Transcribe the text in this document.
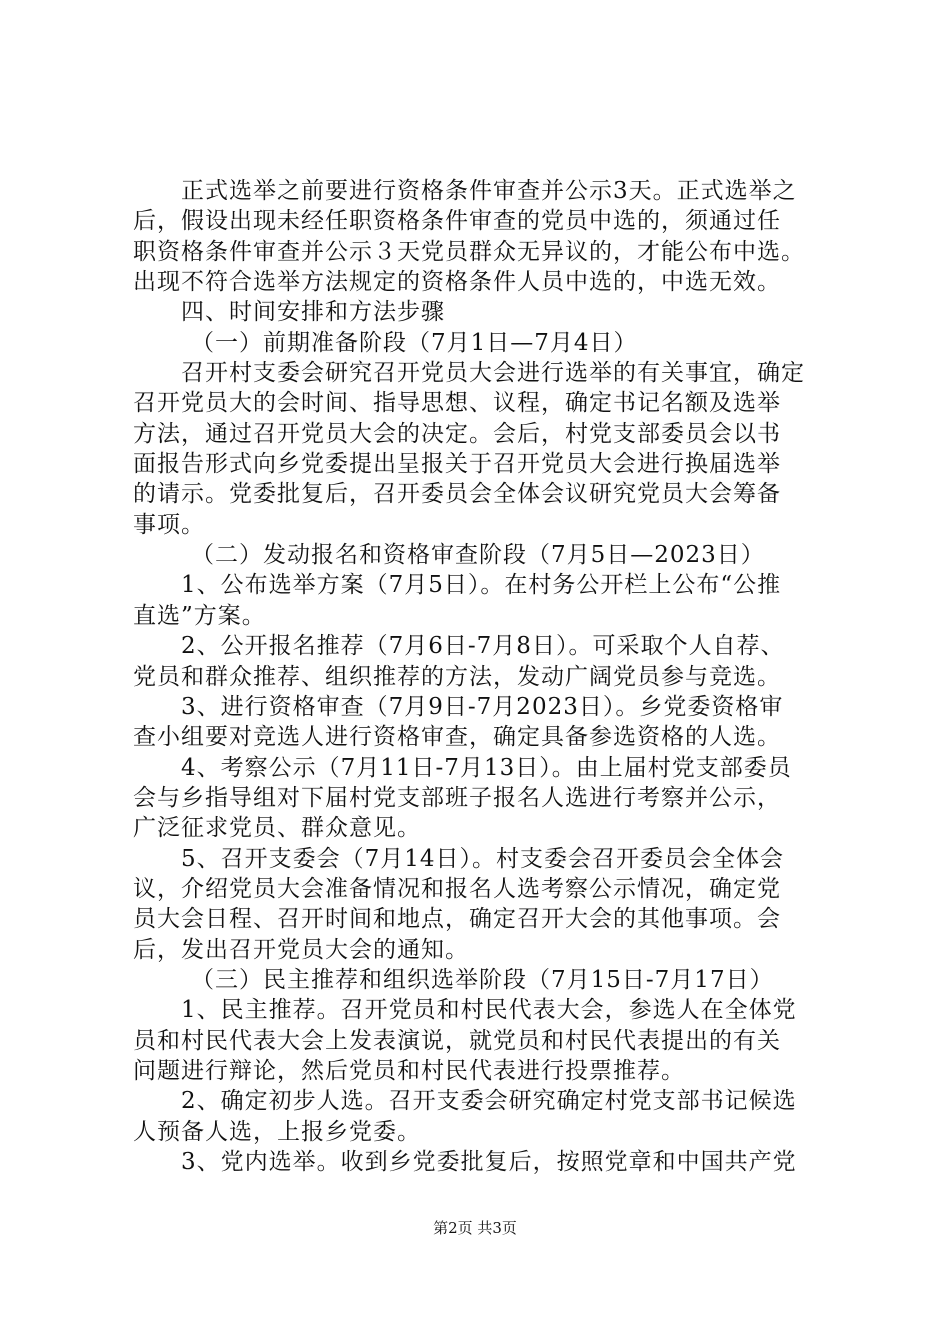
正式选举之前要进行资格条件审查并公示3天。正式选举之
后，假设出现未经任职资格条件审查的党员中选的，须通过任
职资格条件审查并公示３天党员群众无异议的，才能公布中选。
出现不符合选举方法规定的资格条件人员中选的，中选无效。
四、时间安排和方法步骤
（一）前期准备阶段（7月1日—7月4日）
召开村支委会研究召开党员大会进行选举的有关事宜，确定
召开党员大的会时间、指导思想、议程，确定书记名额及选举
方法，通过召开党员大会的决定。会后，村党支部委员会以书
面报告形式向乡党委提出呈报关于召开党员大会进行换届选举
的请示。党委批复后，召开委员会全体会议研究党员大会筹备
事项。
（二）发动报名和资格审查阶段（7月5日—2023日）
1、公布选举方案（7月5日）。在村务公开栏上公布“公推
直选”方案。
2、公开报名推荐（7月6日-7月8日）。可采取个人自荐、
党员和群众推荐、组织推荐的方法，发动广阔党员参与竞选。
3、进行资格审查（7月9日-7月2023日）。乡党委资格审
查小组要对竞选人进行资格审查，确定具备参选资格的人选。
4、考察公示（7月11日-7月13日）。由上届村党支部委员
会与乡指导组对下届村党支部班子报名人选进行考察并公示，
广泛征求党员、群众意见。
5、召开支委会（7月14日）。村支委会召开委员会全体会
议，介绍党员大会准备情况和报名人选考察公示情况，确定党
员大会日程、召开时间和地点，确定召开大会的其他事项。会
后，发出召开党员大会的通知。
（三）民主推荐和组织选举阶段（7月15日-7月17日）
1、民主推荐。召开党员和村民代表大会，参选人在全体党
员和村民代表大会上发表演说，就党员和村民代表提出的有关
问题进行辩论，然后党员和村民代表进行投票推荐。
2、确定初步人选。召开支委会研究确定村党支部书记候选
人预备人选，上报乡党委。
3、党内选举。收到乡党委批复后，按照党章和中国共产党
第2页 共3页
